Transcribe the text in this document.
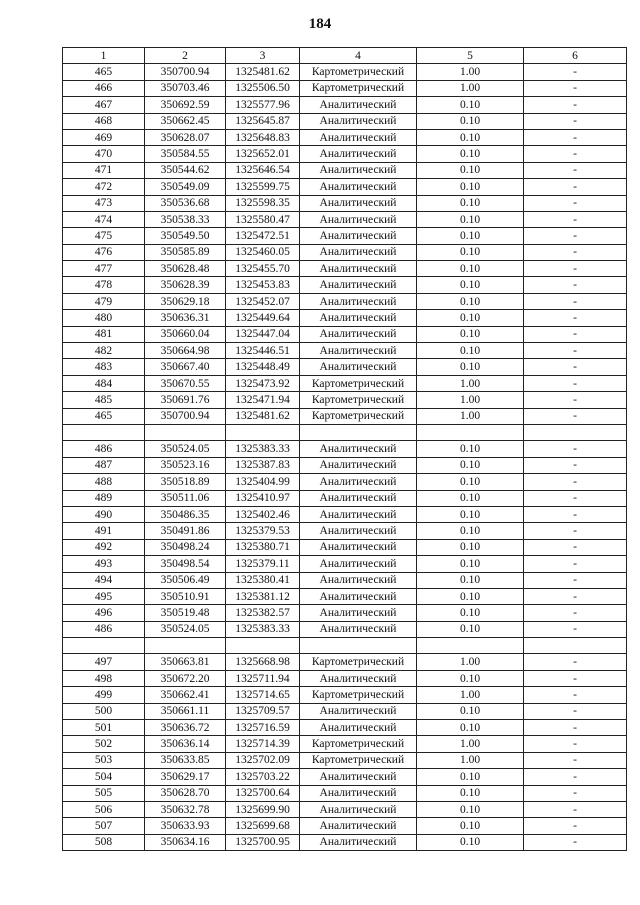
184
1	2	3	4	5	6
465	350700.94	1325481.62	Картометрический	1.00	-
466	350703.46	1325506.50	Картометрический	1.00	-
467	350692.59	1325577.96	Аналитический	0.10	-
468	350662.45	1325645.87	Аналитический	0.10	-
469	350628.07	1325648.83	Аналитический	0.10	-
470	350584.55	1325652.01	Аналитический	0.10	-
471	350544.62	1325646.54	Аналитический	0.10	-
472	350549.09	1325599.75	Аналитический	0.10	-
473	350536.68	1325598.35	Аналитический	0.10	-
474	350538.33	1325580.47	Аналитический	0.10	-
475	350549.50	1325472.51	Аналитический	0.10	-
476	350585.89	1325460.05	Аналитический	0.10	-
477	350628.48	1325455.70	Аналитический	0.10	-
478	350628.39	1325453.83	Аналитический	0.10	-
479	350629.18	1325452.07	Аналитический	0.10	-
480	350636.31	1325449.64	Аналитический	0.10	-
481	350660.04	1325447.04	Аналитический	0.10	-
482	350664.98	1325446.51	Аналитический	0.10	-
483	350667.40	1325448.49	Аналитический	0.10	-
484	350670.55	1325473.92	Картометрический	1.00	-
485	350691.76	1325471.94	Картометрический	1.00	-
465	350700.94	1325481.62	Картометрический	1.00	-

486	350524.05	1325383.33	Аналитический	0.10	-
487	350523.16	1325387.83	Аналитический	0.10	-
488	350518.89	1325404.99	Аналитический	0.10	-
489	350511.06	1325410.97	Аналитический	0.10	-
490	350486.35	1325402.46	Аналитический	0.10	-
491	350491.86	1325379.53	Аналитический	0.10	-
492	350498.24	1325380.71	Аналитический	0.10	-
493	350498.54	1325379.11	Аналитический	0.10	-
494	350506.49	1325380.41	Аналитический	0.10	-
495	350510.91	1325381.12	Аналитический	0.10	-
496	350519.48	1325382.57	Аналитический	0.10	-
486	350524.05	1325383.33	Аналитический	0.10	-

497	350663.81	1325668.98	Картометрический	1.00	-
498	350672.20	1325711.94	Аналитический	0.10	-
499	350662.41	1325714.65	Картометрический	1.00	-
500	350661.11	1325709.57	Аналитический	0.10	-
501	350636.72	1325716.59	Аналитический	0.10	-
502	350636.14	1325714.39	Картометрический	1.00	-
503	350633.85	1325702.09	Картометрический	1.00	-
504	350629.17	1325703.22	Аналитический	0.10	-
505	350628.70	1325700.64	Аналитический	0.10	-
506	350632.78	1325699.90	Аналитический	0.10	-
507	350633.93	1325699.68	Аналитический	0.10	-
508	350634.16	1325700.95	Аналитический	0.10	-
